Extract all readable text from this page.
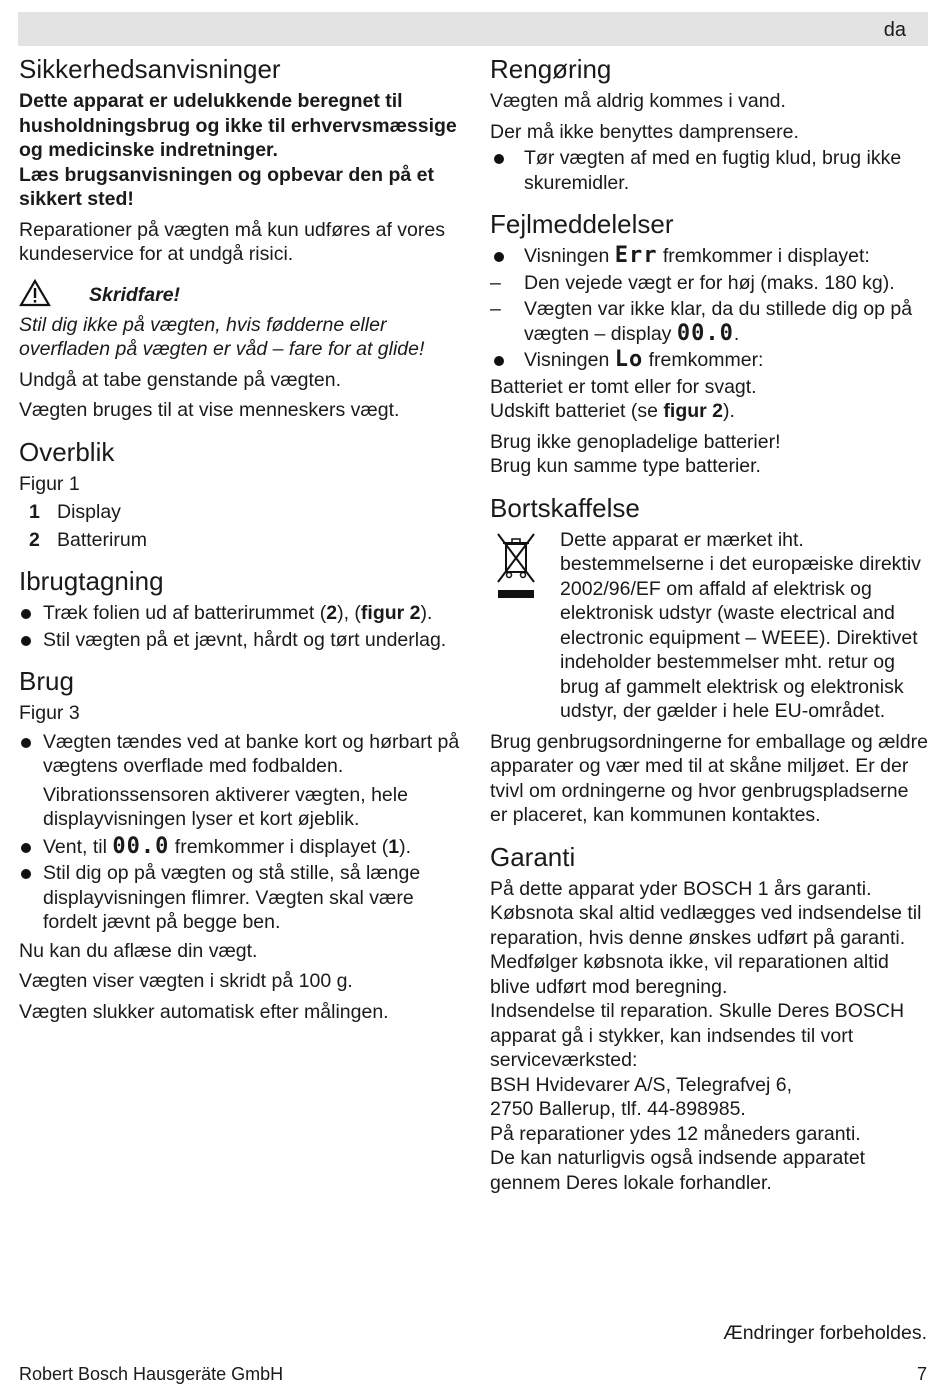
da
Sikkerhedsanvisninger

Dette apparat er udelukkende beregnet til husholdningsbrug og ikke til erhvervsmæssige og medicinske indretninger.

Læs brugsanvisningen og opbevar den på et sikkert sted!

Reparationer på vægten må kun udføres af vores kundeservice for at undgå risici.

Skridfare!

Stil dig ikke på vægten, hvis fødderne eller overfladen på vægten er våd – fare for at glide!

Undgå at tabe genstande på vægten.

Vægten bruges til at vise menneskers vægt.

Overblik

Figur 1

1 Display
2 Batterirum
Ibrugtagning
Træk folien ud af batterirummet (2), (figur 2).
Stil vægten på et jævnt, hårdt og tørt underlag.
Brug

Figur 3

Vægten tændes ved at banke kort og hørbart på vægtens overflade med fodbalden.
Vibrationssensoren aktiverer vægten, hele displayvisningen lyser et kort øjeblik.
Vent, til 00.0 fremkommer i displayet (1).
Stil dig op på vægten og stå stille, så længe displayvisningen flimrer. Vægten skal være fordelt jævnt på begge ben.

Nu kan du aflæse din vægt.

Vægten viser vægten i skridt på 100 g.

Vægten slukker automatisk efter målingen.

Rengøring

Vægten må aldrig kommes i vand.

Der må ikke benyttes damprensere.

Tør vægten af med en fugtig klud, brug ikke skuremidler.
Fejlmeddelelser
Visningen Err fremkommer i displayet:
– Den vejede vægt er for høj (maks. 180 kg).
– Vægten var ikke klar, da du stillede dig op på vægten – display 00.0.
Visningen Lo fremkommer:

Batteriet er tomt eller for svagt.

Udskift batteriet (se figur 2).

Brug ikke genopladelige batterier!

Brug kun samme type batterier.

Bortskaffelse

Dette apparat er mærket iht. bestemmelserne i det europæiske direktiv 2002/96/EF om affald af elektrisk og elektronisk udstyr (waste electrical and electronic equipment – WEEE). Direktivet indeholder bestemmelser mht. retur og brug af gammelt elektrisk og elektronisk udstyr, der gælder i hele EU-området.

Brug genbrugsordningerne for emballage og ældre apparater og vær med til at skåne miljøet. Er der tvivl om ordningerne og hvor genbrugspladserne er placeret, kan kommunen kontaktes.

Garanti

På dette apparat yder BOSCH 1 års garanti.

Købsnota skal altid vedlægges ved indsendelse til reparation, hvis denne ønskes udført på garanti. Medfølger købsnota ikke, vil reparationen altid blive udført mod beregning.

Indsendelse til reparation. Skulle Deres BOSCH apparat gå i stykker, kan indsendes til vort serviceværksted:

BSH Hvidevarer A/S, Telegrafvej 6,

2750 Ballerup, tlf. 44-898985.

På reparationer ydes 12 måneders garanti.

De kan naturligvis også indsende apparatet gennem Deres lokale forhandler.

Ændringer forbeholdes.
Robert Bosch Hausgeräte GmbH	7
